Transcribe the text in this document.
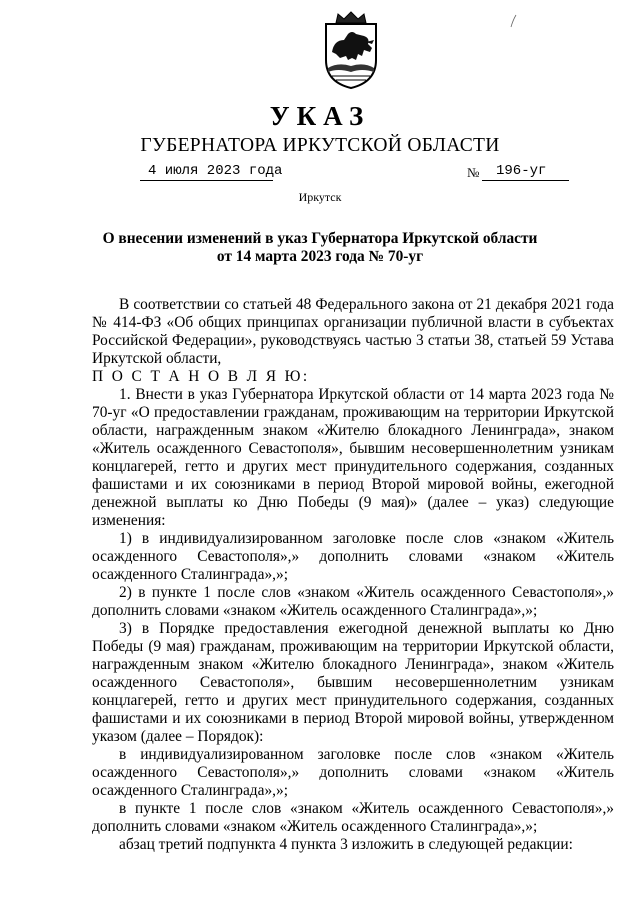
УКАЗ
ГУБЕРНАТОРА ИРКУТСКОЙ ОБЛАСТИ
4 июля 2023 года	№ 196-уг
Иркутск
О внесении изменений в указ Губернатора Иркутской области
от 14 марта 2023 года № 70-уг

В соответствии со статьей 48 Федерального закона от 21 декабря 2021 года № 414-ФЗ «Об общих принципах организации публичной власти в субъектах Российской Федерации», руководствуясь частью 3 статьи 38, статьей 59 Устава Иркутской области,

П О С Т А Н О В Л Я Ю:

1. Внести в указ Губернатора Иркутской области от 14 марта 2023 года № 70-уг «О предоставлении гражданам, проживающим на территории Иркутской области, награжденным знаком «Жителю блокадного Ленинграда», знаком «Житель осажденного Севастополя», бывшим несовершеннолетним узникам концлагерей, гетто и других мест принудительного содержания, созданных фашистами и их союзниками в период Второй мировой войны, ежегодной денежной выплаты ко Дню Победы (9 мая)» (далее – указ) следующие изменения:

1) в индивидуализированном заголовке после слов «знаком «Житель осажденного Севастополя»,» дополнить словами «знаком «Житель осажденного Сталинграда»,»;

2) в пункте 1 после слов «знаком «Житель осажденного Севастополя»,» дополнить словами «знаком «Житель осажденного Сталинграда»,»;

3) в Порядке предоставления ежегодной денежной выплаты ко Дню Победы (9 мая) гражданам, проживающим на территории Иркутской области, награжденным знаком «Жителю блокадного Ленинграда», знаком «Житель осажденного Севастополя», бывшим несовершеннолетним узникам концлагерей, гетто и других мест принудительного содержания, созданных фашистами и их союзниками в период Второй мировой войны, утвержденном указом (далее – Порядок):

в индивидуализированном заголовке после слов «знаком «Житель осажденного Севастополя»,» дополнить словами «знаком «Житель осажденного Сталинграда»,»;

в пункте 1 после слов «знаком «Житель осажденного Севастополя»,» дополнить словами «знаком «Житель осажденного Сталинграда»,»;

абзац третий подпункта 4 пункта 3 изложить в следующей редакции:
